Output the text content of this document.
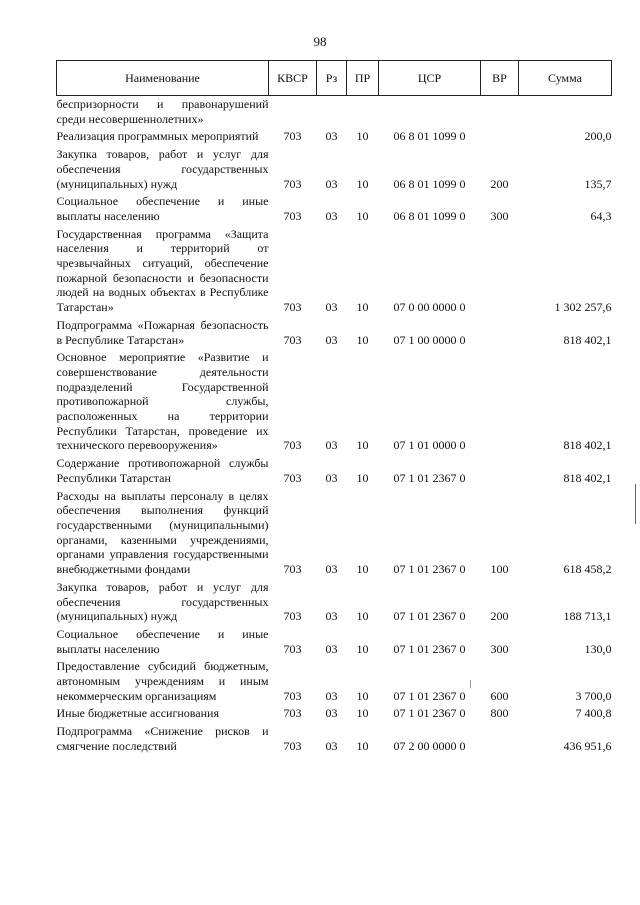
98
Наименование	КВСР	Рз	ПР	ЦСР	ВР	Сумма
беспризорности и правонарушений среди несовершеннолетних»						
Реализация программных мероприятий	703	03	10	06 8 01 1099 0		200,0
Закупка товаров, работ и услуг для обеспечения государственных (муниципальных) нужд	703	03	10	06 8 01 1099 0	200	135,7
Социальное обеспечение и иные выплаты населению	703	03	10	06 8 01 1099 0	300	64,3
Государственная программа «Защита населения и территорий от чрезвычайных ситуаций, обеспечение пожарной безопасности и безопасности людей на водных объектах в Республике Татарстан»	703	03	10	07 0 00 0000 0		1 302 257,6
Подпрограмма «Пожарная безопасность в Республике Татарстан»	703	03	10	07 1 00 0000 0		818 402,1
Основное мероприятие «Развитие и совершенствование деятельности подразделений Государственной противопожарной службы, расположенных на территории Республики Татарстан, проведение их технического перевооружения»	703	03	10	07 1 01 0000 0		818 402,1
Содержание противопожарной службы Республики Татарстан	703	03	10	07 1 01 2367 0		818 402,1
Расходы на выплаты персоналу в целях обеспечения выполнения функций государственными (муниципальными) органами, казенными учреждениями, органами управления государственными внебюджетными фондами	703	03	10	07 1 01 2367 0	100	618 458,2
Закупка товаров, работ и услуг для обеспечения государственных (муниципальных) нужд	703	03	10	07 1 01 2367 0	200	188 713,1
Социальное обеспечение и иные выплаты населению	703	03	10	07 1 01 2367 0	300	130,0
Предоставление субсидий бюджетным, автономным учреждениям и иным некоммерческим организациям	703	03	10	07 1 01 2367 0	600	3 700,0
Иные бюджетные ассигнования	703	03	10	07 1 01 2367 0	800	7 400,8
Подпрограмма «Снижение рисков и смягчение последствий	703	03	10	07 2 00 0000 0		436 951,6
